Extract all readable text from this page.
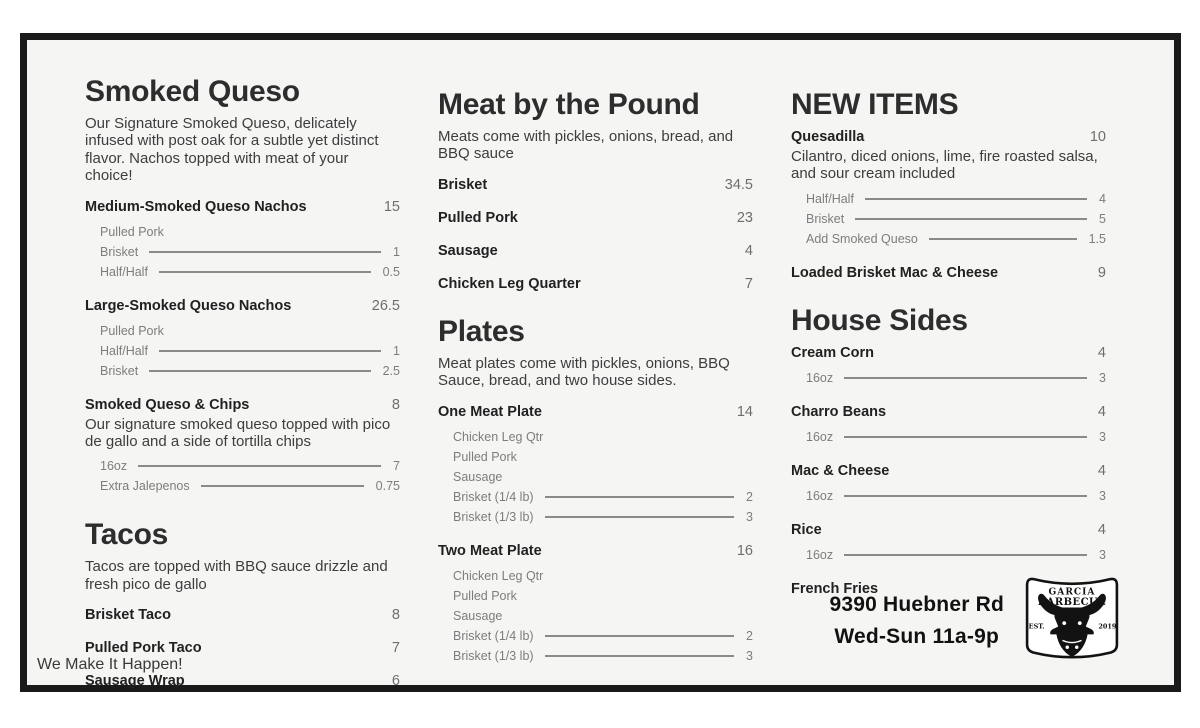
Smoked Queso

Our Signature Smoked Queso, delicately infused with post oak for a subtle yet distinct flavor. Nachos topped with meat of your choice!

Medium-Smoked Queso Nachos	15
Pulled Pork
Brisket	1
Half/Half	0.5
Large-Smoked Queso Nachos	26.5
Pulled Pork
Half/Half	1
Brisket	2.5
Smoked Queso & Chips	8

Our signature smoked queso topped with pico de gallo and a side of tortilla chips

16oz	7
Extra Jalepenos	0.75
Tacos

Tacos are topped with BBQ sauce drizzle and fresh pico de gallo

Brisket Taco	8
Pulled Pork Taco	7
Sausage Wrap	6
Meat by the Pound

Meats come with pickles, onions, bread, and BBQ sauce

Brisket	34.5
Pulled Pork	23
Sausage	4
Chicken Leg Quarter	7
Plates

Meat plates come with pickles, onions, BBQ Sauce, bread, and two house sides.

One Meat Plate	14
Chicken Leg Qtr
Pulled Pork
Sausage
Brisket (1/4 lb)	2
Brisket (1/3 lb)	3
Two Meat Plate	16
Chicken Leg Qtr
Pulled Pork
Sausage
Brisket (1/4 lb)	2
Brisket (1/3 lb)	3
NEW ITEMS
Quesadilla	10

Cilantro, diced onions, lime, fire roasted salsa, and sour cream included

Half/Half	4
Brisket	5
Add Smoked Queso	1.5
Loaded Brisket Mac & Cheese	9
House Sides
Cream Corn	4
16oz	3
Charro Beans	4
16oz	3
Mac & Cheese	4
16oz	3
Rice	4
16oz	3
French Fries
We Make It Happen!
9390 Huebner Rd
Wed-Sun 11a-9p
GARCIA
BARBECUE
EST.	2019
